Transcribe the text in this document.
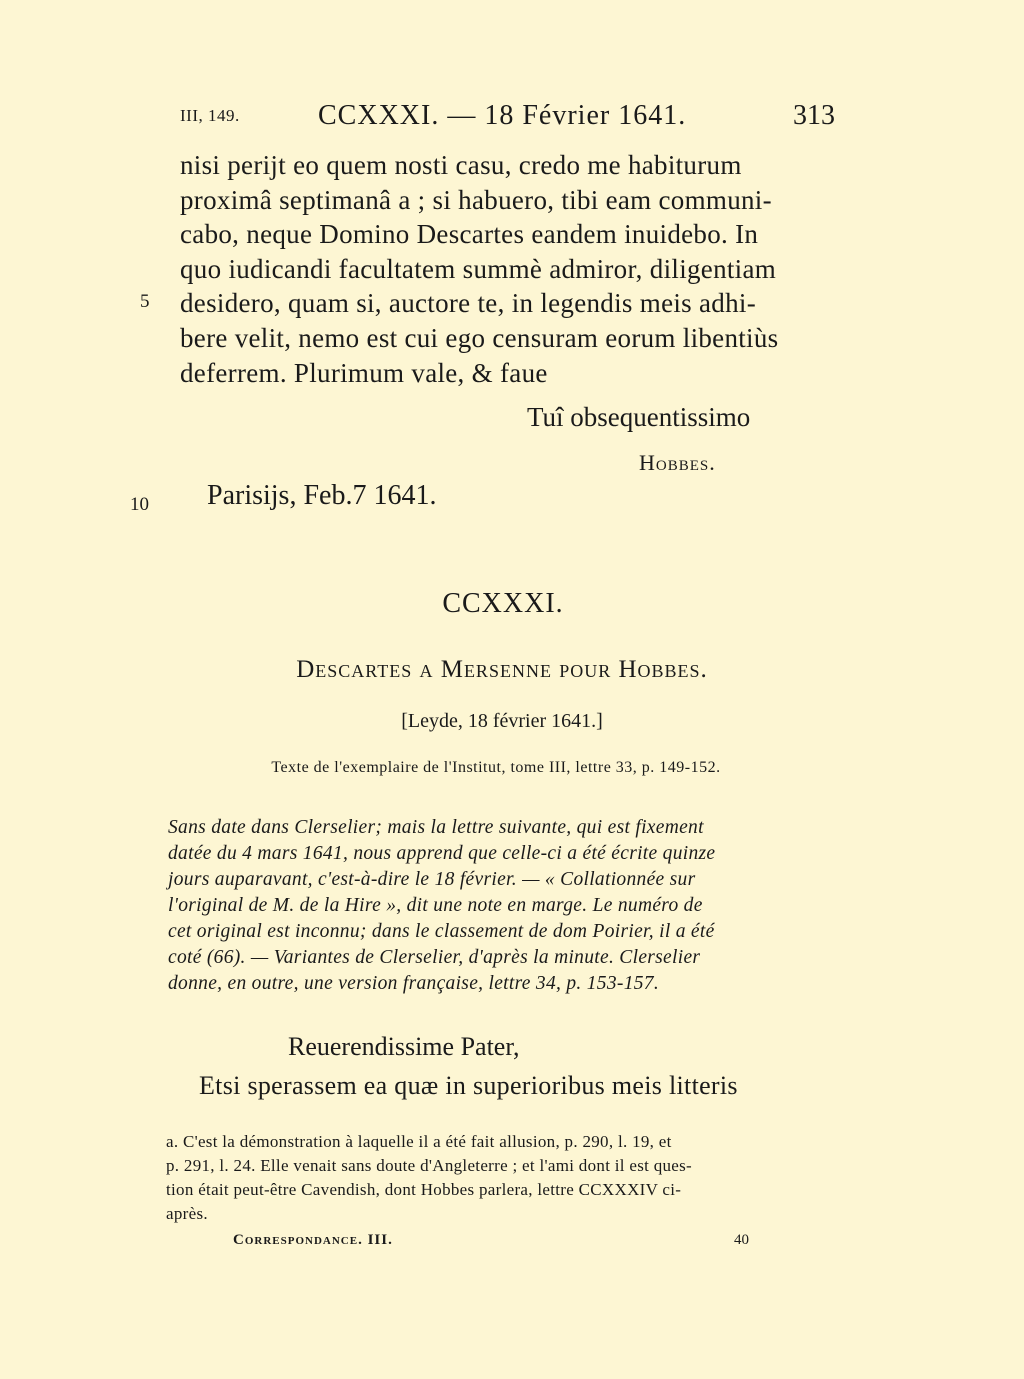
III, 149.	CCXXXI. — 18 Février 1641.	313
nisi perijt eo quem nosti casu, credo me habiturum
proximâ septimanâ a ; si habuero, tibi eam communi-
cabo, neque Domino Descartes eandem inuidebo. In
quo iudicandi facultatem summè admiror, diligentiam
desidero, quam si, auctore te, in legendis meis adhi-
bere velit, nemo est cui ego censuram eorum libentiùs
deferrem. Plurimum vale, & faue
5
10
Tuî obsequentissimo
Hobbes.
Parisijs, Feb.7 1641.
CCXXXI.
Descartes a Mersenne pour Hobbes.
[Leyde, 18 février 1641.]
Texte de l'exemplaire de l'Institut, tome III, lettre 33, p. 149-152.
Sans date dans Clerselier; mais la lettre suivante, qui est fixement
datée du 4 mars 1641, nous apprend que celle-ci a été écrite quinze
jours auparavant, c'est-à-dire le 18 février. — « Collationnée sur
l'original de M. de la Hire », dit une note en marge. Le numéro de
cet original est inconnu; dans le classement de dom Poirier, il a été
coté (66). — Variantes de Clerselier, d'après la minute. Clerselier
donne, en outre, une version française, lettre 34, p. 153-157.
Reuerendissime Pater,
Etsi sperassem ea quæ in superioribus meis litteris
a. C'est la démonstration à laquelle il a été fait allusion, p. 290, l. 19, et
p. 291, l. 24. Elle venait sans doute d'Angleterre ; et l'ami dont il est ques-
tion était peut-être Cavendish, dont Hobbes parlera, lettre CCXXXIV ci-
après.
Correspondance. III.	40
